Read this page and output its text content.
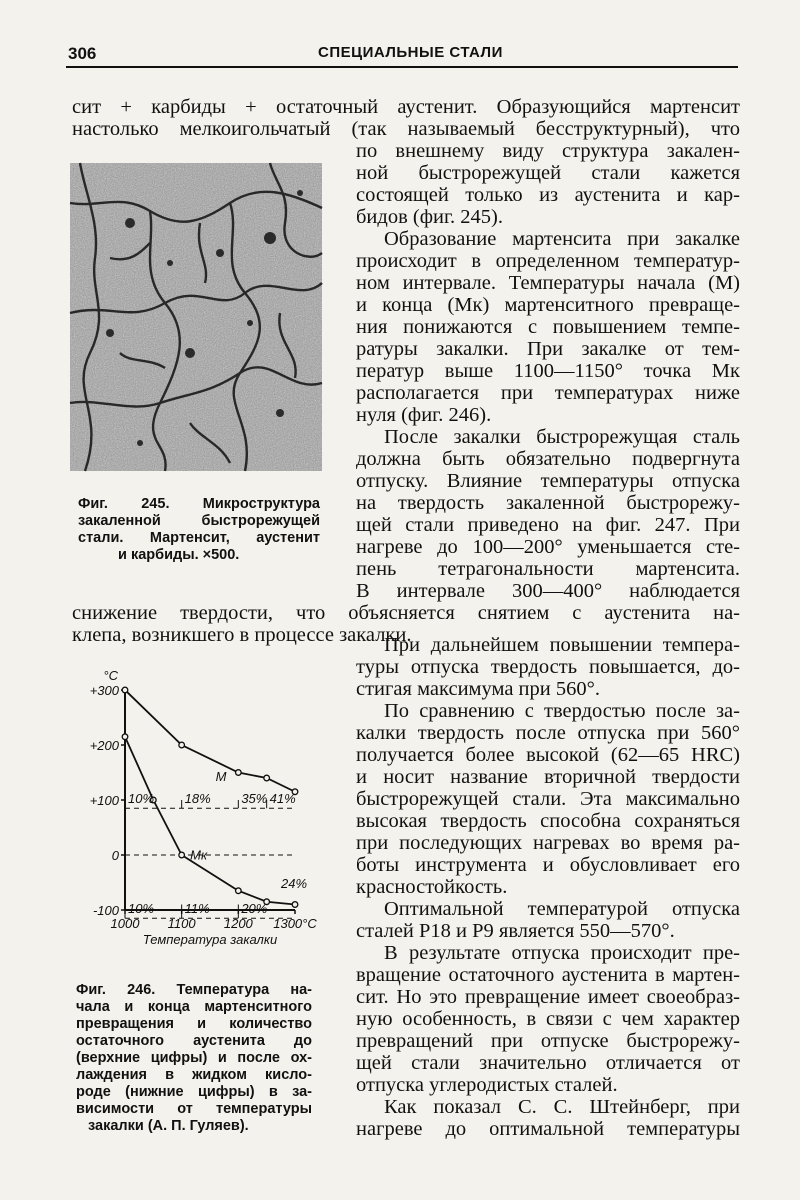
306	СПЕЦИАЛЬНЫЕ СТАЛИ
сит + карбиды + остаточный аустенит. Образующийся мартенсит
настолько мелкоигольчатый (так называемый бесструктурный), что
по внешнему виду структура закален-
ной быстрорежущей стали кажется
состоящей только из аустенита и кар-
бидов (фиг. 245).
Образование мартенсита при закалке
происходит в определенном температур-
ном интервале. Температуры начала (M)
и конца (Mк) мартенситного превраще-
ния понижаются с повышением темпе-
ратуры закалки. При закалке от тем-
ператур выше 1100—1150° точка Mк
располагается при температурах ниже
нуля (фиг. 246).
После закалки быстрорежущая сталь
должна быть обязательно подвергнута
отпуску. Влияние температуры отпуска
на твердость закаленной быстрорежу-
щей стали приведено на фиг. 247. При
нагреве до 100—200° уменьшается сте-
пень тетрагональности мартенсита.
В интервале 300—400° наблюдается
Фиг. 245. Микроструктура
закаленной быстрорежущей
стали. Мартенсит, аустенит
и карбиды. ×500.
снижение твердости, что объясняется снятием с аустенита на-
клепа, возникшего в процессе закалки.
°C
+300
+200
+100
0
-100
1000 1100 1200 1300°C
Температура закалки
M
Mк
10% 18% 35% 41%
10% 11% 20%
24%
Фиг. 246. Температура на-
чала и конца мартенситного
превращения и количество
остаточного аустенита до
(верхние цифры) и после ох-
лаждения в жидком кисло-
роде (нижние цифры) в за-
висимости от температуры
закалки (А. П. Гуляев).
При дальнейшем повышении темпера-
туры отпуска твердость повышается, до-
стигая максимума при 560°.
По сравнению с твердостью после за-
калки твердость после отпуска при 560°
получается более высокой (62—65 HRC)
и носит название вторичной твердости
быстрорежущей стали. Эта максимально
высокая твердость способна сохраняться
при последующих нагревах во время ра-
боты инструмента и обусловливает его
красностойкость.
Оптимальной температурой отпуска
сталей Р18 и Р9 является 550—570°.
В результате отпуска происходит пре-
вращение остаточного аустенита в мартен-
сит. Но это превращение имеет своеобраз-
ную особенность, в связи с чем характер
превращений при отпуске быстрорежу-
щей стали значительно отличается от
отпуска углеродистых сталей.
Как показал С. С. Штейнберг, при
нагреве до оптимальной температуры
